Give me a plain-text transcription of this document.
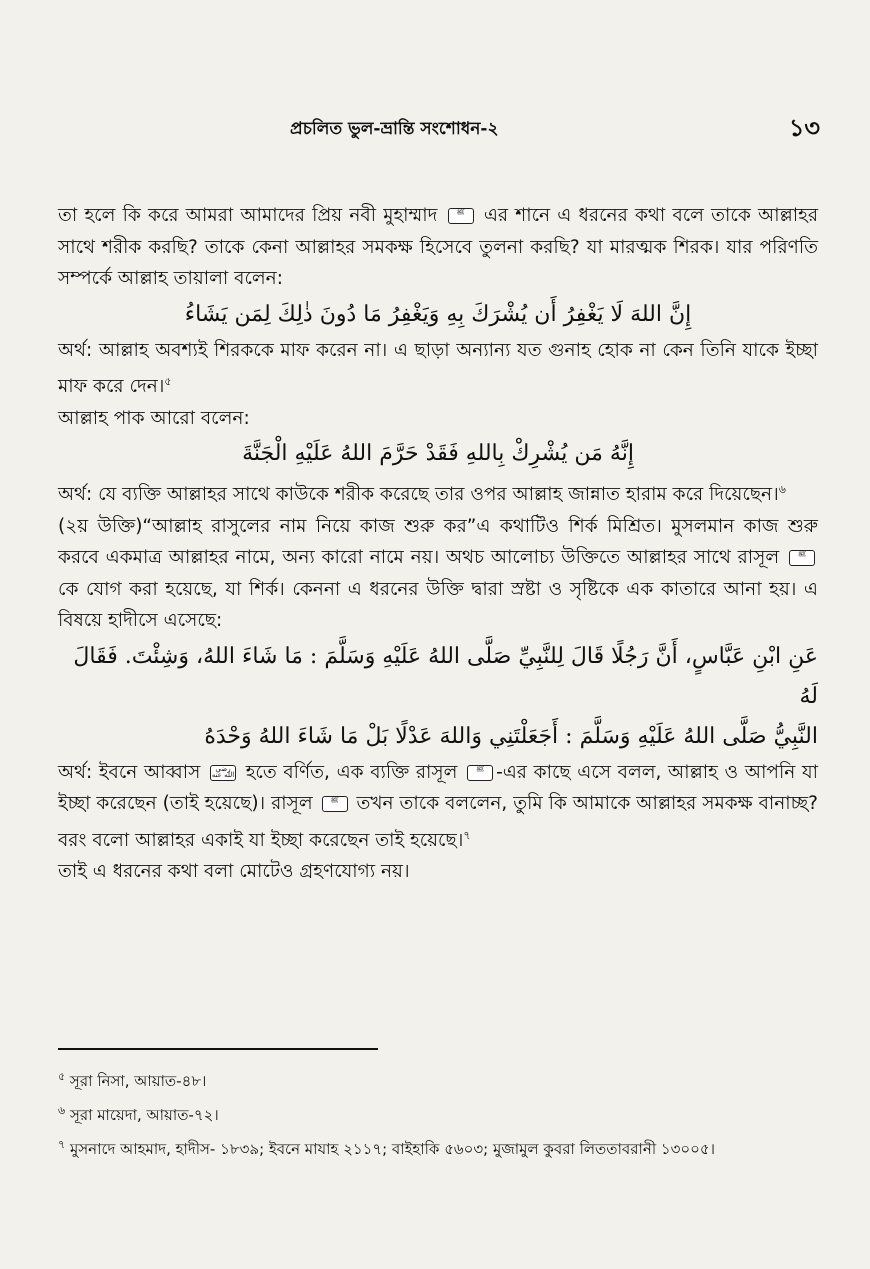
প্রচলিত ভুল-ভ্রান্তি সংশোধন-২	১৩

তা হলে কি করে আমরা আমাদের প্রিয় নবী মুহাম্মাদ	ﷺ এর শানে এ ধরনের কথা বলে তাকে আল্লাহর সাথে শরীক করছি? তাকে কেনা আল্লাহর সমকক্ষ হিসেবে তুলনা করছি? যা মারত্মক শিরক। যার পরিণতি সম্পর্কে আল্লাহ তায়ালা বলেন:

إِنَّ اللهَ لَا يَغْفِرُ أَن يُشْرَكَ بِهِ وَيَغْفِرُ مَا دُونَ ذٰلِكَ لِمَن يَشَاءُ

অর্থ: আল্লাহ অবশ্যই শিরককে মাফ করেন না। এ ছাড়া অন্যান্য যত গুনাহ হোক না কেন তিনি যাকে ইচ্ছা মাফ করে দেন।$^৫$

আল্লাহ পাক আরো বলেন:

إِنَّهُ مَن يُشْرِكْ بِاللهِ فَقَدْ حَرَّمَ اللهُ عَلَيْهِ الْجَنَّةَ

অর্থ: যে ব্যক্তি আল্লাহর সাথে কাউকে শরীক করেছে তার ওপর আল্লাহ জান্নাত হারাম করে দিয়েছেন।$^৬$

(২য় উক্তি)“আল্লাহ রাসুলের নাম নিয়ে কাজ শুরু কর”এ কথাটিও শির্ক মিশ্রিত। মুসলমান কাজ শুরু করবে একমাত্র আল্লাহর নামে, অন্য কারো নামে নয়। অথচ আলোচ্য উক্তিতে আল্লাহর সাথে রাসূল	ﷺ কে যোগ করা হয়েছে, যা শির্ক। কেননা এ ধরনের উক্তি দ্বারা স্রষ্টা ও সৃষ্টিকে এক কাতারে আনা হয়। এ বিষয়ে হাদীসে এসেছে:

عَنِ ابْنِ عَبَّاسٍ، أَنَّ رَجُلًا قَالَ لِلنَّبِيِّ صَلَّى اللهُ عَلَيْهِ وَسَلَّمَ : مَا شَاءَ اللهُ، وَشِئْتَ. فَقَالَ لَهُ

النَّبِيُّ صَلَّى اللهُ عَلَيْهِ وَسَلَّمَ : أَجَعَلْتَنِي وَاللهَ عَدْلًا بَلْ مَا شَاءَ اللهُ وَحْدَهُ

অর্থ: ইবনে আব্বাস رضي الله عنه হতে বর্ণিত, এক ব্যক্তি রাসূল	ﷺ -এর কাছে এসে বলল, আল্লাহ ও আপনি যা ইচ্ছা করেছেন (তাই হয়েছে)। রাসূল	ﷺ তখন তাকে বললেন, তুমি কি আমাকে আল্লাহর সমকক্ষ বানাচ্ছ? বরং বলো আল্লাহর একাই যা ইচ্ছা করেছেন তাই হয়েছে।$^৭$

তাই এ ধরনের কথা বলা মোটেও গ্রহণযোগ্য নয়।

$^৫$ সূরা নিসা, আয়াত-৪৮।

$^৬$ সূরা মায়েদা, আয়াত-৭২।

$^৭$ মুসনাদে আহমাদ, হাদীস- ১৮৩৯; ইবনে মাযাহ ২১১৭; বাইহাকি ৫৬০৩; মুজামুল কুবরা লিততাবরানী ১৩০০৫।
